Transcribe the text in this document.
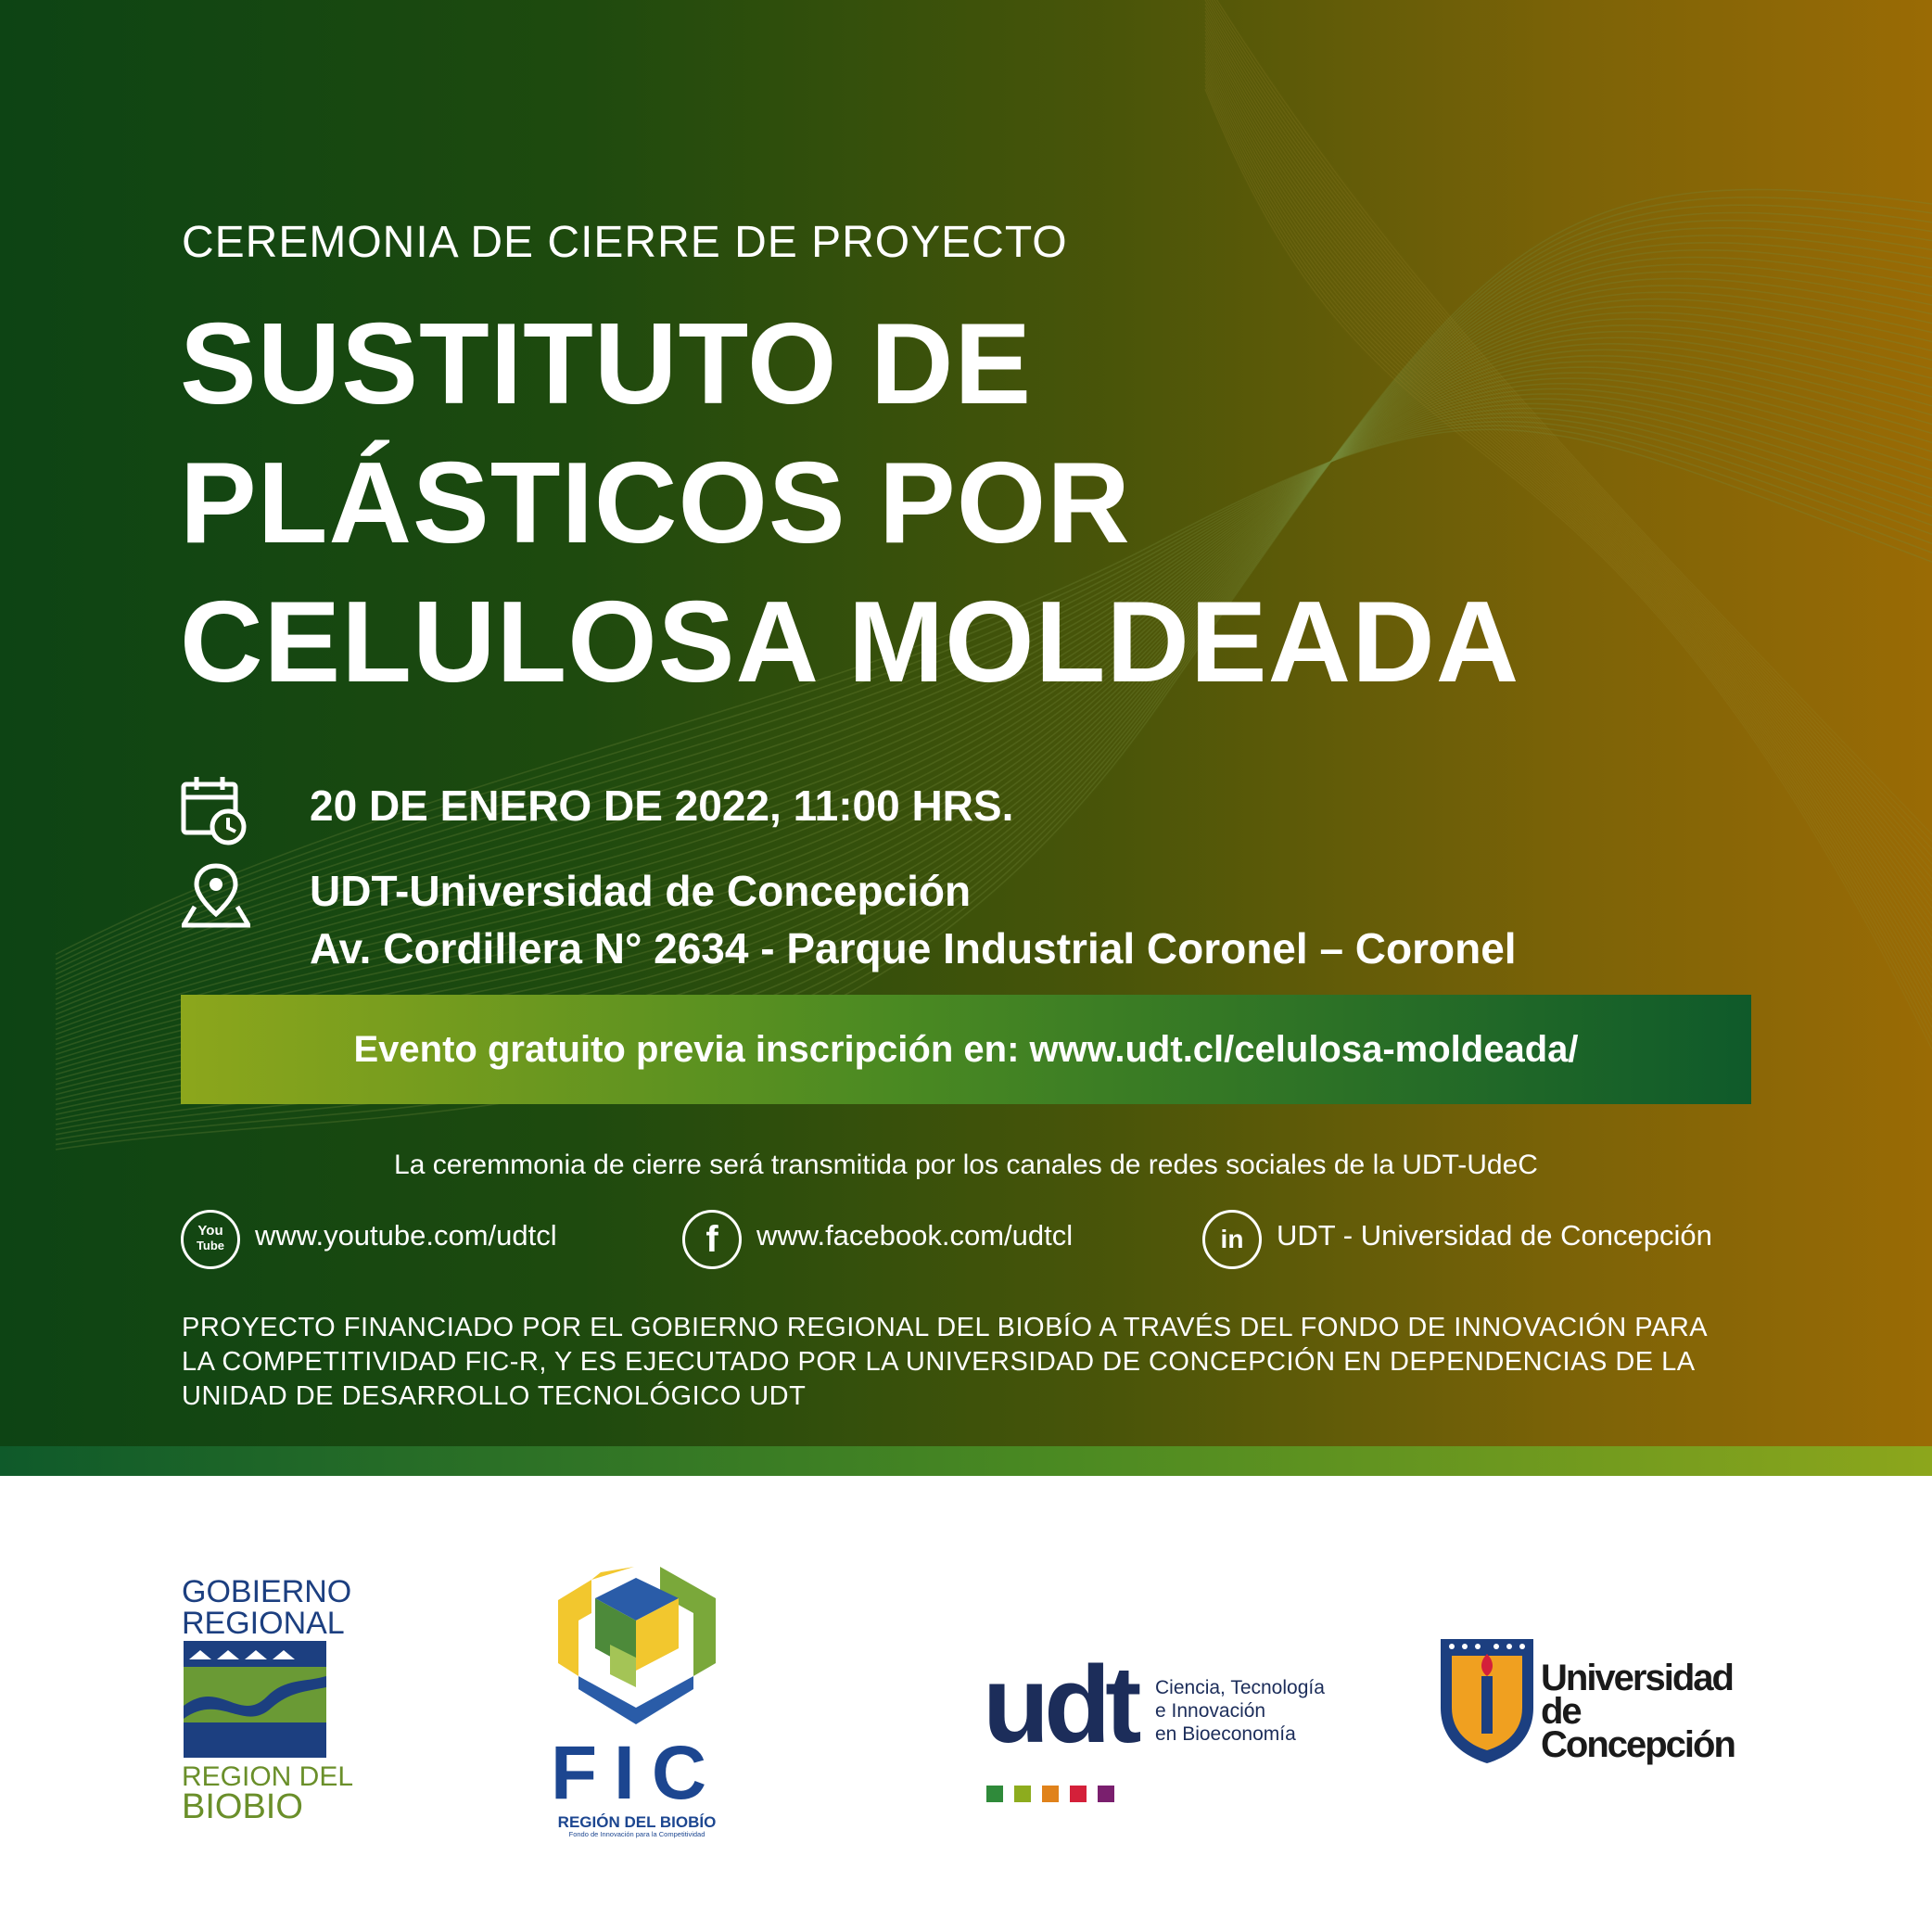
CEREMONIA DE CIERRE DE PROYECTO
SUSTITUTO DE
PLÁSTICOS POR
CELULOSA MOLDEADA
20 DE ENERO DE 2022, 11:00 HRS.
UDT-Universidad de Concepción
Av. Cordillera N° 2634 - Parque Industrial Coronel – Coronel
Evento gratuito previa inscripción en: www.udt.cl/celulosa-moldeada/
La ceremmonia de cierre será transmitida por los canales de redes sociales de la UDT-UdeC
You
Tube	www.youtube.com/udtcl	f	www.facebook.com/udtcl	in	UDT - Universidad de Concepción
PROYECTO FINANCIADO POR EL GOBIERNO REGIONAL DEL BIOBÍO A TRAVÉS DEL FONDO DE INNOVACIÓN PARA
LA COMPETITIVIDAD FIC-R, Y ES EJECUTADO POR LA UNIVERSIDAD DE CONCEPCIÓN EN DEPENDENCIAS DE LA
UNIDAD DE DESARROLLO TECNOLÓGICO UDT
GOBIERNO
REGIONAL
REGION DEL
BIOBIO	FIC
REGIÓN DEL BIOBÍO
Fondo de Innovación para la Competitividad
udt Ciencia, Tecnología
e Innovación
en Bioeconomía
Universidad
de Concepción
